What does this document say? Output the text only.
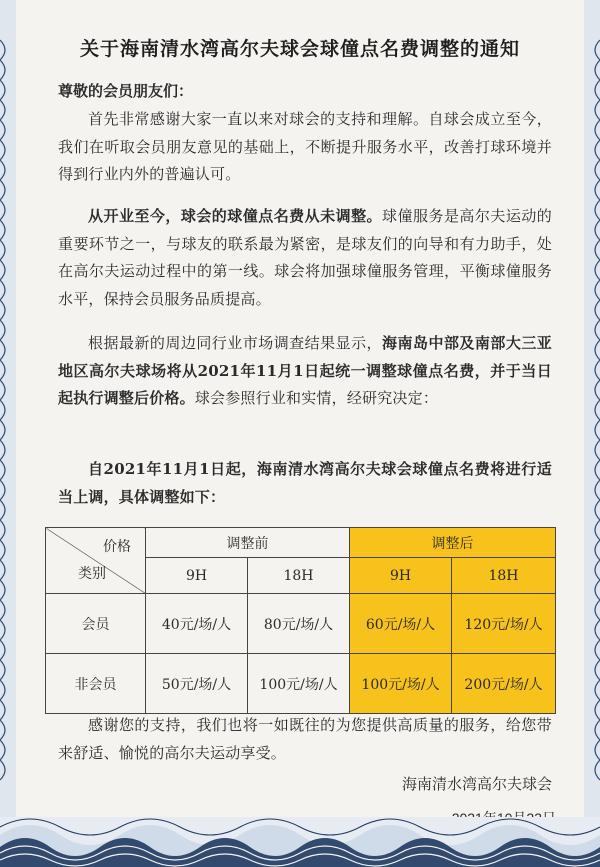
关于海南清水湾高尔夫球会球僮点名费调整的通知
尊敬的会员朋友们：

首先非常感谢大家一直以来对球会的支持和理解。自球会成立至今，我们在听取会员朋友意见的基础上，不断提升服务水平，改善打球环境并得到行业内外的普遍认可。

从开业至今，球会的球僮点名费从未调整。球僮服务是高尔夫运动的重要环节之一，与球友的联系最为紧密，是球友们的向导和有力助手，处在高尔夫运动过程中的第一线。球会将加强球僮服务管理，平衡球僮服务水平，保持会员服务品质提高。

根据最新的周边同行业市场调查结果显示，海南岛中部及南部大三亚地区高尔夫球场将从2021年11月1日起统一调整球僮点名费，并于当日起执行调整后价格。球会参照行业和实情，经研究决定：

自2021年11月1日起，海南清水湾高尔夫球会球僮点名费将进行适当上调，具体调整如下：

价格
类别	调整前		调整后	
	9H	18H	9H	18H
会员	40元/场/人	80元/场/人	60元/场/人	120元/场/人
非会员	50元/场/人	100元/场/人	100元/场/人	200元/场/人

感谢您的支持，我们也将一如既往的为您提供高质量的服务，给您带来舒适、愉悦的高尔夫运动享受。

海南清水湾高尔夫球会
